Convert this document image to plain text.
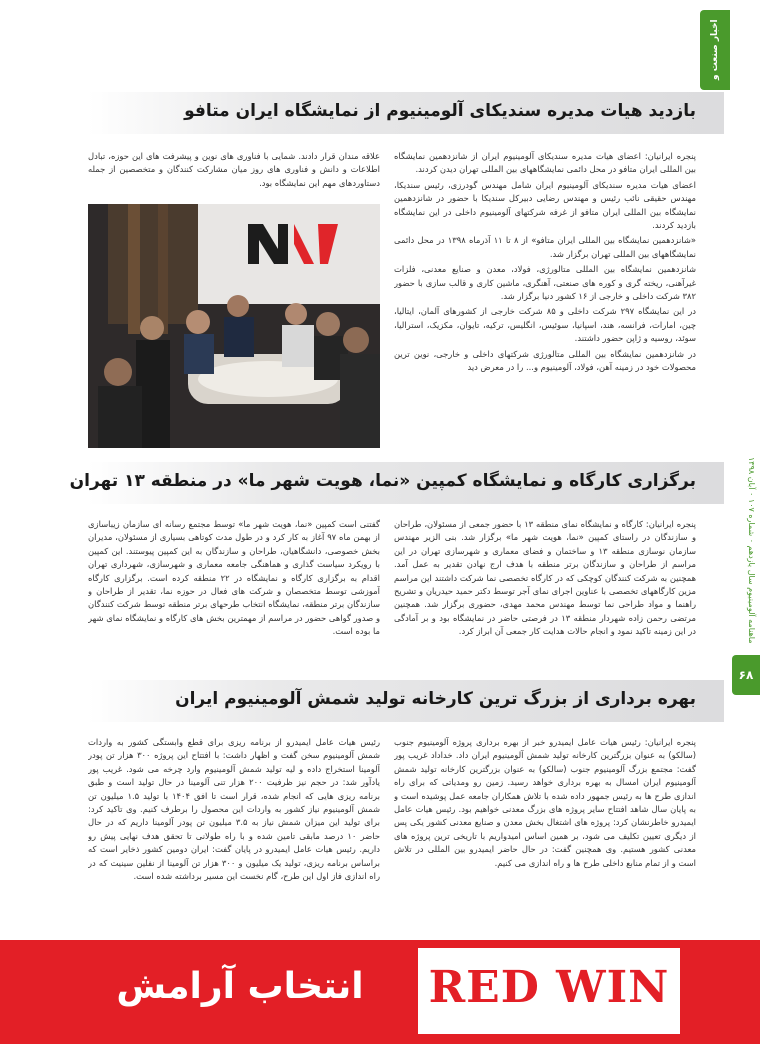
اخبار صنعت و بازار
ماهنامه آلومینیوم سال یازدهم ۰ شماره ۱۰۷ ۰ آبان ۱۳۹۸
۶۸
بازدید هیات مدیره سندیکای آلومینیوم از نمایشگاه ایران متافو

پنجره ایرانیان: اعضای هیات مدیره سندیکای آلومینیوم ایران از شانزدهمین نمایشگاه بین المللی ایران متافو در محل دائمی نمایشگاههای بین المللی تهران دیدن کردند.

اعضای هیات مدیره سندیکای آلومینیوم ایران شامل مهندس گودرزی، رئیس سندیکا، مهندس حقیقی نائب رئیس و مهندس رضایی دبیرکل سندیکا با حضور در شانزدهمین نمایشگاه بین المللی ایران متافو از غرفه شرکتهای آلومینیوم داخلی در این نمایشگاه بازدید کردند.

«شانزدهمین نمایشگاه بین المللی ایران متافو» از ۸ تا ۱۱ آذرماه ۱۳۹۸ در محل دائمی نمایشگاههای بین المللی تهران برگزار شد.

شانزدهمین نمایشگاه بین المللی متالورژی، فولاد، معدن و صنایع معدنی، فلزات غیرآهنی، ریخته گری و کوره های صنعتی، آهنگری، ماشین کاری و قالب سازی با حضور ۳۸۲ شرکت داخلی و خارجی از ۱۶ کشور دنیا برگزار شد.

در این نمایشگاه ۲۹۷ شرکت داخلی و ۸۵ شرکت خارجی از کشورهای آلمان، ایتالیا، چین، امارات، فرانسه، هند، اسپانیا، سوئیس، انگلیس، ترکیه، تایوان، مکزیک، استرالیا، سوئد، روسیه و ژاپن حضور داشتند.

در شانزدهمین نمایشگاه بین المللی متالورژی شرکتهای داخلی و خارجی، نوین ترین محصولات خود در زمینه آهن، فولاد، آلومینیوم و... را در معرض دید

علاقه مندان قرار دادند. شمایی با فناوری های نوین و پیشرفت های این حوزه، تبادل اطلاعات و دانش و فناوری های روز میان مشارکت کنندگان و متخصصین از جمله دستاوردهای مهم این نمایشگاه بود.

برگزاری کارگاه و نمایشگاه کمپین «نما، هویت شهر ما» در منطقه ۱۳ تهران

پنجره ایرانیان: کارگاه و نمایشگاه نمای منطقه ۱۳ با حضور جمعی از مسئولان، طراحان و سازندگان در راستای کمپین «نما، هویت شهر ما» برگزار شد. بنی الزیر مهندس سازمان نوسازی منطقه ۱۳ و ساختمان و فضای معماری و شهرسازی تهران در این مراسم از طراحان و سازندگان برتر منطقه با هدف ارج نهادن تقدیر به عمل آمد. همچنین به شرکت کنندگان کوچکی که در کارگاه تخصصی نما شرکت داشتند این مراسم مزین کارگاههای تخصصی با عناوین اجرای نمای آجر توسط دکتر حمید حیدریان و تشریح راهنما و مواد طراحی نما توسط مهندس محمد مهدی، حضوری برگزار شد. همچنین مرتضی رحمن زاده شهردار منطقه ۱۳ در فرصتی حاضر در نمایشگاه بود و بر آمادگی در این زمینه تاکید نمود و انجام حالات هدایت کار جمعی آن ابراز کرد.

گفتنی است کمپین «نما، هویت شهر ما» توسط مجتمع رسانه ای سازمان زیباسازی از بهمن ماه ۹۷ آغاز به کار کرد و در طول مدت کوتاهی بسیاری از مسئولان، مدیران بخش خصوصی، دانشگاهیان، طراحان و سازندگان به این کمپین پیوستند. این کمپین با رویکرد سیاست گذاری و هماهنگی جامعه معماری و شهرسازی، شهرداری تهران اقدام به برگزاری کارگاه و نمایشگاه در ۲۲ منطقه کرده است. برگزاری کارگاه آموزشی توسط متخصصان و شرکت های فعال در حوزه نما، تقدیر از طراحان و سازندگان برتر منطقه، نمایشگاه انتخاب طرحهای برتر منطقه توسط شرکت کنندگان و صدور گواهی حضور در مراسم از مهمترین بخش های کارگاه و نمایشگاه نمای شهر ما بوده است.

بهره برداری از بزرگ ترین کارخانه تولید شمش آلومینیوم ایران

پنجره ایرانیان: رئیس هیات عامل ایمیدرو خبر از بهره برداری پروژه آلومینیوم جنوب (سالکو) به عنوان بزرگترین کارخانه تولید شمش آلومینیوم ایران داد. خداداد غریب پور گفت: مجتمع بزرگ آلومینیوم جنوب (سالکو) به عنوان بزرگترین کارخانه تولید شمش آلومینیوم ایران امسال به بهره برداری خواهد رسید. زمین رو ومدیاتی که برای راه اندازی طرح ها به رئیس جمهور داده شده با تلاش همکاران جامعه عمل پوشیده است و به پایان سال شاهد افتتاح سایر پروژه های بزرگ معدنی خواهیم بود. رئیس هیات عامل ایمیدرو خاطرنشان کرد: پروژه های اشتغال بخش معدن و صنایع معدنی کشور یکی پس از دیگری تعیین تکلیف می شود، بر همین اساس امیدواریم با تاریخی ترین پروژه های معدنی کشور هستیم. وی همچنین گفت: در حال حاضر ایمیدرو بین المللی در تلاش است و از تمام منابع داخلی طرح ها و راه اندازی می کنیم.

رئیس هیات عامل ایمیدرو از برنامه ریزی برای قطع وابستگی کشور به واردات شمش آلومینیوم سخن گفت و اظهار داشت: با افتتاح این پروژه ۳۰۰ هزار تن پودر آلومینا استخراج داده و لیه تولید شمش آلومینیوم وارد چرخه می شود. غریب پور یادآور شد: در حجم نیز ظرفیت ۲۰۰ هزار تنی آلومینا در حال تولید است و طبق برنامه ریزی هایی که انجام شده، قرار است تا افق ۱۴۰۴ با تولید ۱.۵ میلیون تن شمش آلومینیوم نیاز کشور به واردات این محصول را برطرف کنیم. وی تاکید کرد: برای تولید این میزان شمش نیاز به ۳.۵ میلیون تن پودر آلومینا داریم که در حال حاضر ۱۰ درصد مابقی تامین شده و با راه طولانی تا تحقق هدف نهایی پیش رو داریم. رئیس هیات عامل ایمیدرو در پایان گفت: ایران دومین کشور ذخایر است که براساس برنامه ریزی، تولید یک میلیون و ۳۰۰ هزار تن آلومینا از نفلین سینیت که در راه اندازی فاز اول این طرح، گام نخست این مسیر برداشته شده است.

RED WIN
انتخاب آرامش
